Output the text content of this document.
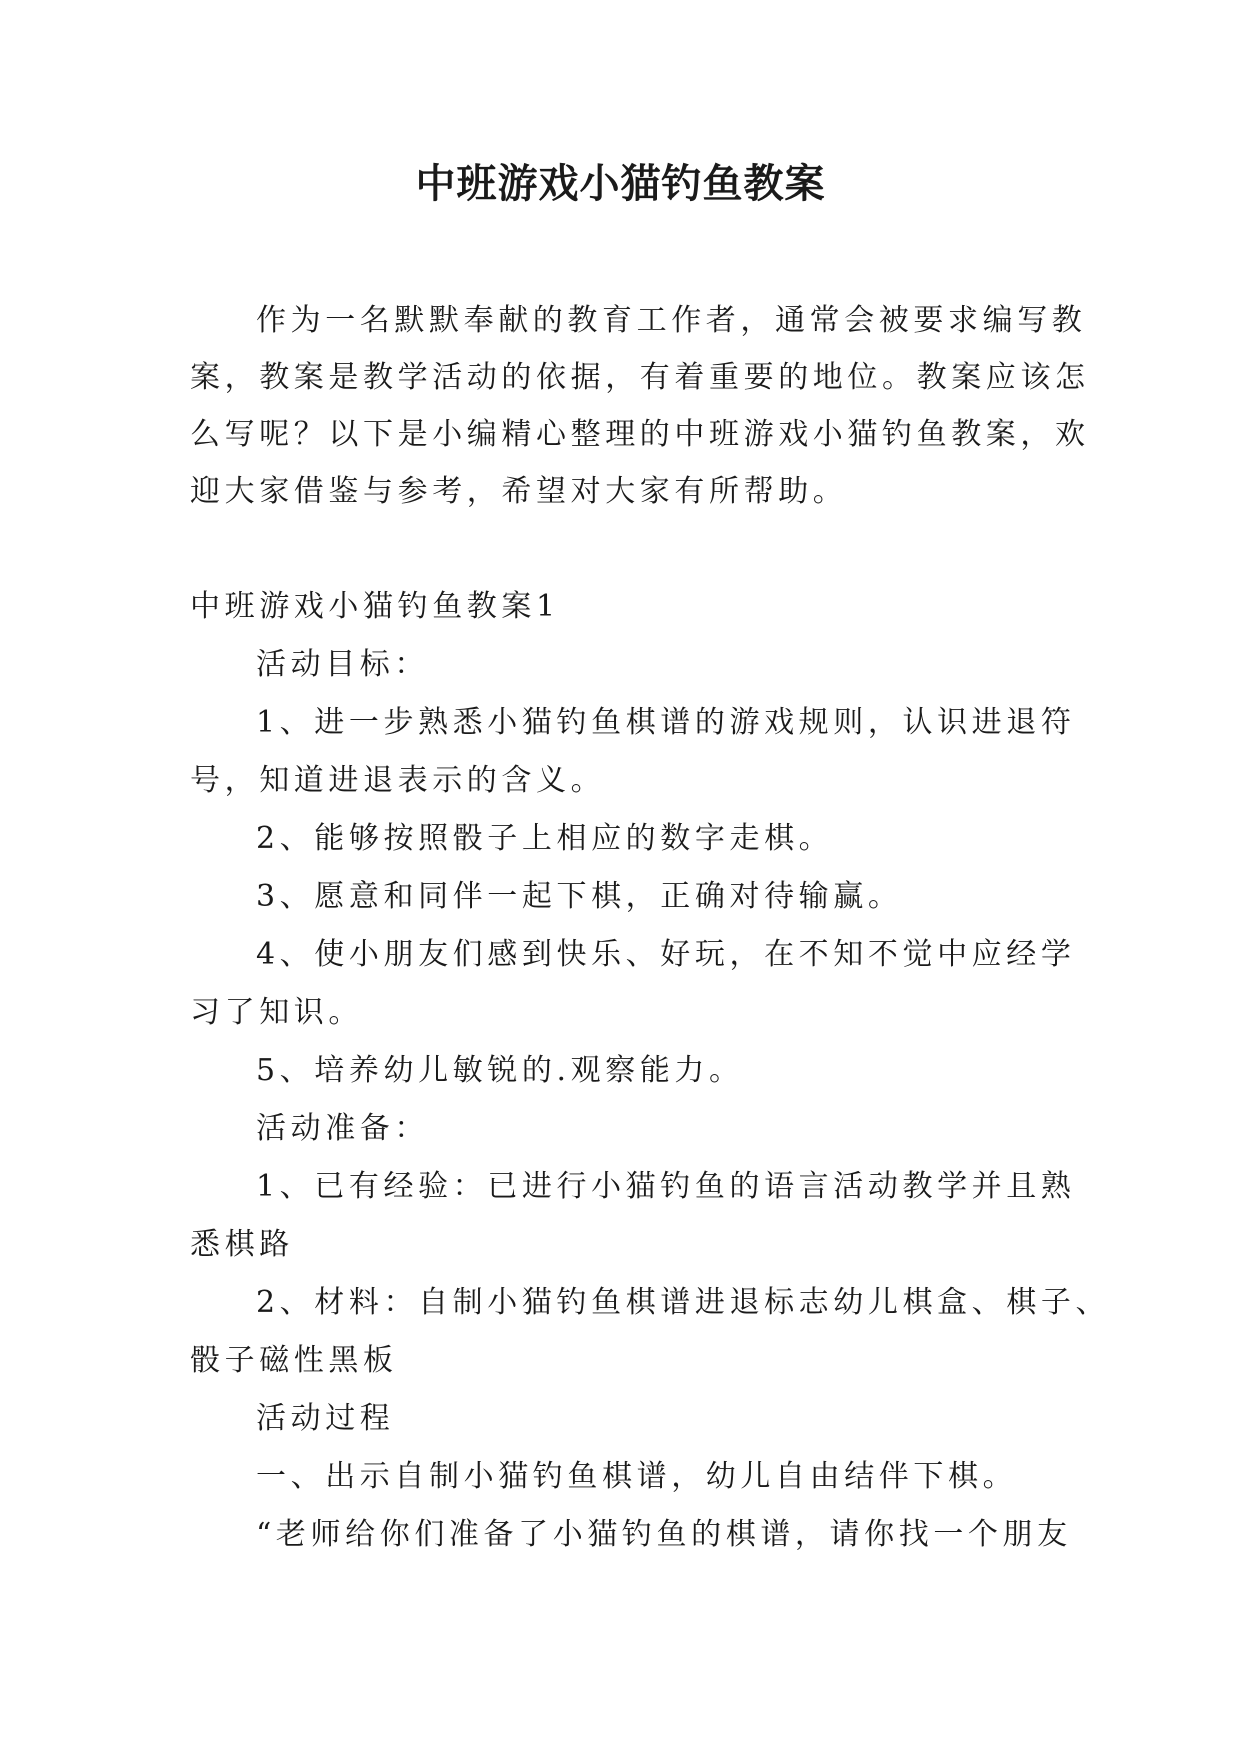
中班游戏小猫钓鱼教案
作为一名默默奉献的教育工作者，通常会被要求编写教
案，教案是教学活动的依据，有着重要的地位。教案应该怎
么写呢？以下是小编精心整理的中班游戏小猫钓鱼教案，欢
迎大家借鉴与参考，希望对大家有所帮助。
中班游戏小猫钓鱼教案1
活动目标：
1、进一步熟悉小猫钓鱼棋谱的游戏规则，认识进退符
号，知道进退表示的含义。
2、能够按照骰子上相应的数字走棋。
3、愿意和同伴一起下棋，正确对待输赢。
4、使小朋友们感到快乐、好玩，在不知不觉中应经学
习了知识。
5、培养幼儿敏锐的.观察能力。
活动准备：
1、已有经验：已进行小猫钓鱼的语言活动教学并且熟
悉棋路
2、材料：自制小猫钓鱼棋谱进退标志幼儿棋盒、棋子、
骰子磁性黑板
活动过程
一、出示自制小猫钓鱼棋谱，幼儿自由结伴下棋。
“老师给你们准备了小猫钓鱼的棋谱，请你找一个朋友
